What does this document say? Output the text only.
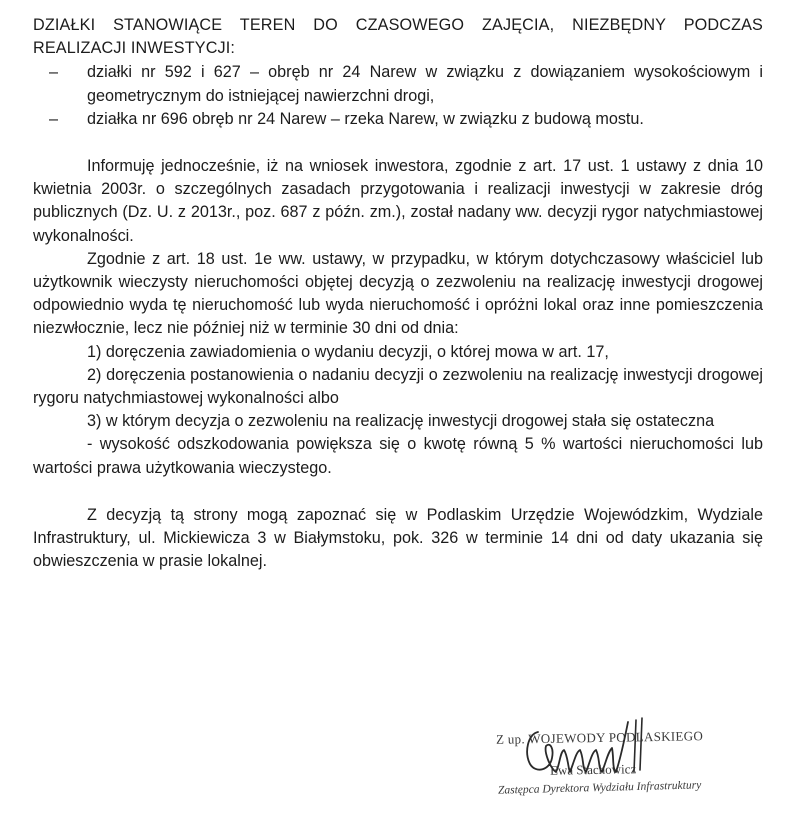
DZIAŁKI STANOWIĄCE TEREN DO CZASOWEGO ZAJĘCIA, NIEZBĘDNY PODCZAS REALIZACJI INWESTYCJI:

– działki nr 592 i 627 – obręb nr 24 Narew w związku z dowiązaniem wysokościowym i geometrycznym do istniejącej nawierzchni drogi,
– działka nr 696 obręb nr 24 Narew – rzeka Narew, w związku z budową mostu.

Informuję jednocześnie, iż na wniosek inwestora, zgodnie z art. 17 ust. 1 ustawy z dnia 10 kwietnia 2003r. o szczególnych zasadach przygotowania i realizacji inwestycji w zakresie dróg publicznych (Dz. U. z 2013r., poz. 687 z późn. zm.), został nadany ww. decyzji rygor natychmiastowej wykonalności.

Zgodnie z art. 18 ust. 1e ww. ustawy, w przypadku, w którym dotychczasowy właściciel lub użytkownik wieczysty nieruchomości objętej decyzją o zezwoleniu na realizację inwestycji drogowej odpowiednio wyda tę nieruchomość lub wyda nieruchomość i opróżni lokal oraz inne pomieszczenia niezwłocznie, lecz nie później niż w terminie 30 dni od dnia:

1) doręczenia zawiadomienia o wydaniu decyzji, o której mowa w art. 17,

2) doręczenia postanowienia o nadaniu decyzji o zezwoleniu na realizację inwestycji drogowej rygoru natychmiastowej wykonalności albo

3) w którym decyzja o zezwoleniu na realizację inwestycji drogowej stała się ostateczna

- wysokość odszkodowania powiększa się o kwotę równą 5 % wartości nieruchomości lub wartości prawa użytkowania wieczystego.

Z decyzją tą strony mogą zapoznać się w Podlaskim Urzędzie Wojewódzkim, Wydziale Infrastruktury, ul. Mickiewicza 3 w Białymstoku, pok. 326 w terminie 14 dni od daty ukazania się obwieszczenia w prasie lokalnej.

Z up. WOJEWODY PODLASKIEGO
Ewa Stachowicz
Zastępca Dyrektora Wydziału Infrastruktury
